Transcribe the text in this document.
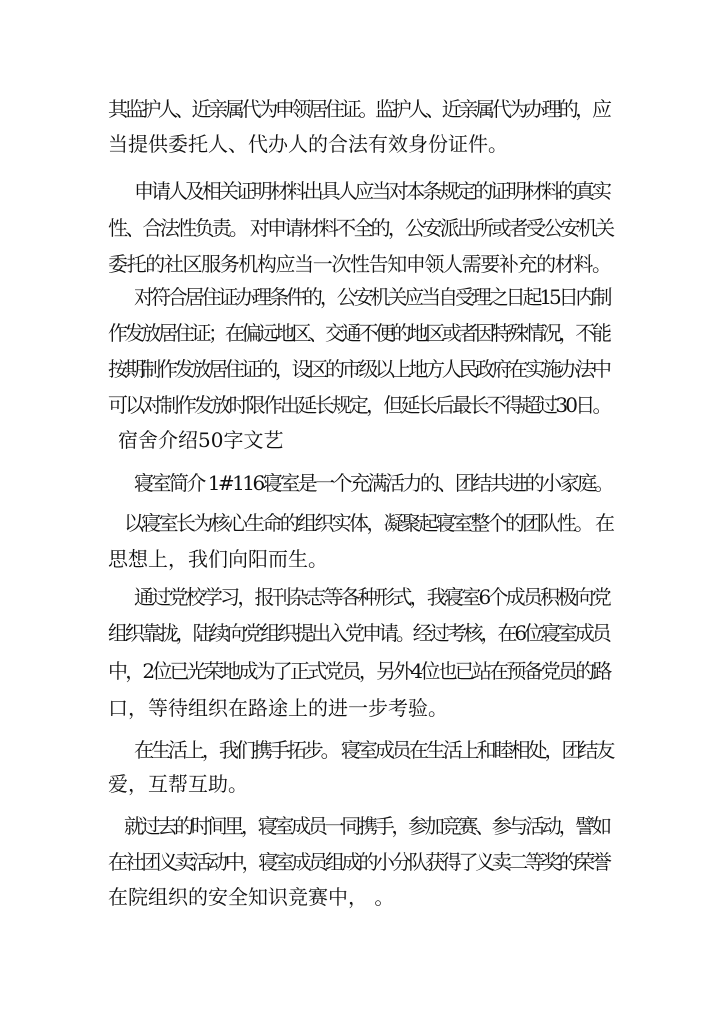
其监护人、近亲属代为申领居住证。监护人、近亲属代为办理的，应
当提供委托人、代办人的合法有效身份证件。
申请人及相关证明材料出具人应当对本条规定的证明材料的真实
性、合法性负责。 对申请材料不全的，公安派出所或者受公安机关
委托的社区服务机构应当一次性告知申领人需要补充的材料。
对符合居住证办理条件的，公安机关应当自受理之日起15日内制
作发放居住证；在偏远地区、交通不便的地区或者因特殊情况，不能
按期制作发放居住证的，设区的市级以上地方人民政府在实施办法中
可以对制作发放时限作出延长规定，但延长后最长不得超过30日。
宿舍介绍50字文艺
寝室简介 1#116寝室是一个充满活力的、团结共进的小家庭。
以寝室长为核心生命的组织实体，凝聚起寝室整个的团队性。 在
思想上，我们向阳而生。
通过党校学习，报刊杂志等各种形式，我寝室6个成员积极向党
组织靠拢，陆续向党组织提出入党申请。经过考核，在6位寝室成员
中，2位已光荣地成为了正式党员，另外4位也已站在预备党员的路
口，等待组织在路途上的进一步考验。
在生活上，我们携手拓步。 寝室成员在生活上和睦相处，团结友
爱，互帮互助。
就过去的时间里，寝室成员一同携手，参加竞赛、参与活动，譬如
在社团义卖活动中，寝室成员组成的小分队获得了义卖二等奖的荣誉
在院组织的安全知识竞赛中， 。
